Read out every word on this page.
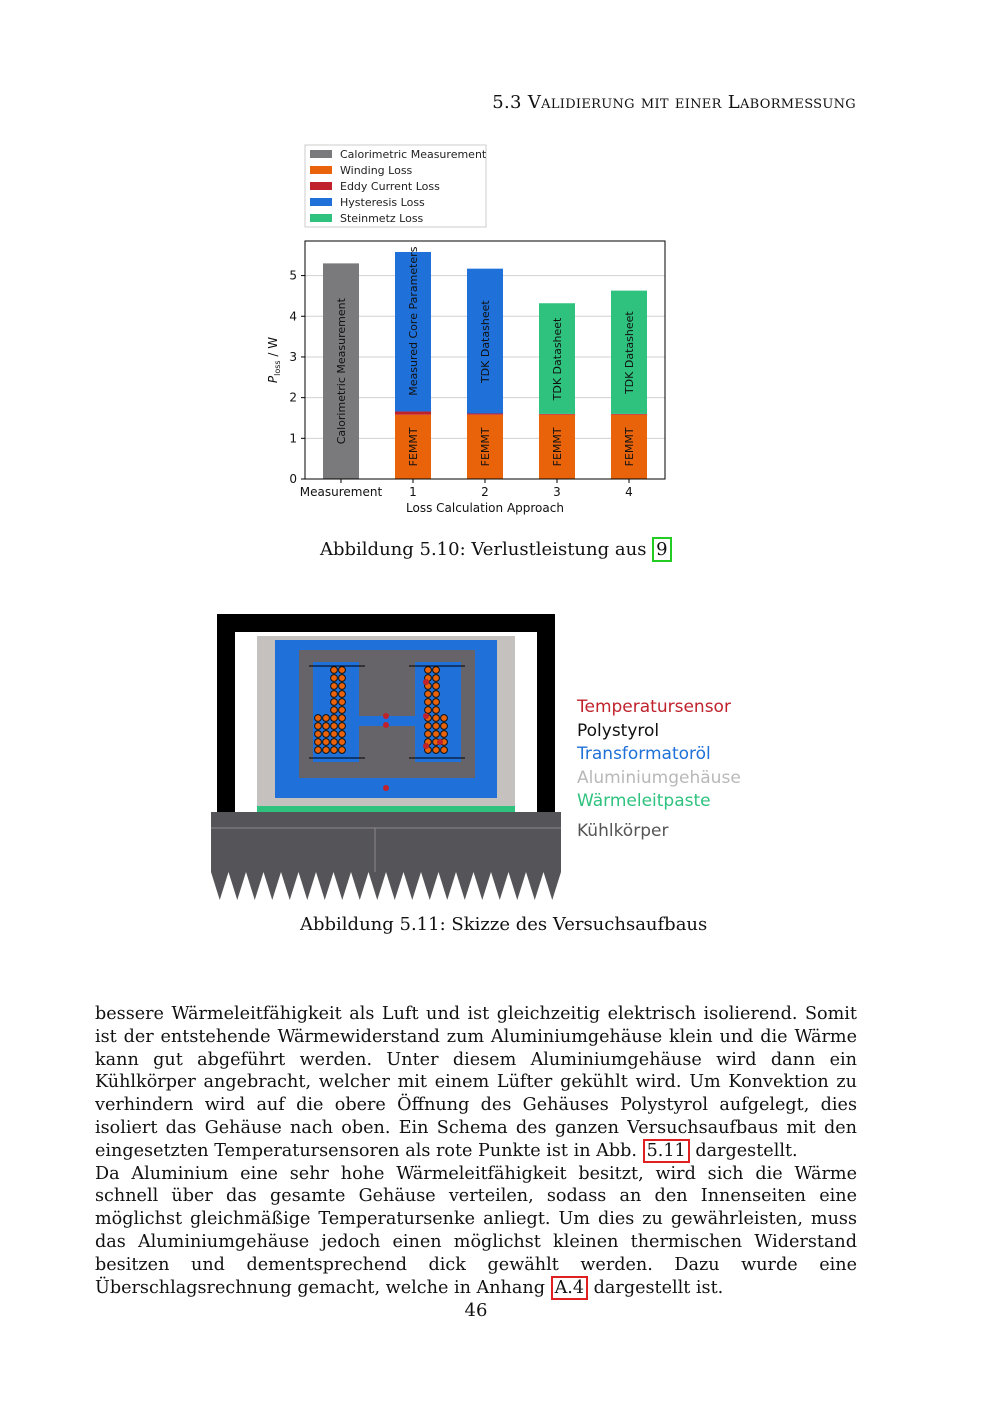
5.3 Validierung mit einer Labormessung
Calorimetric Measurement
Winding Loss
Eddy Current Loss
Hysteresis Loss
Steinmetz Loss
Measurement 1	2	3	4
Calorimetric Measurement
FEMMT
Measured Core Parameters
FEMMT
TDK Datasheet
FEMMT
TDK Datasheet
FEMMT
TDK Datasheet
0
1
2
3
4
5
Loss Calculation Approach
$P_{loss}$ / W
Abbildung 5.10: Verlustleistung aus 9
Temperatursensor
Polystyrol
Transformatoröl
Aluminiumgehäuse
Wärmeleitpaste
Kühlkörper
Abbildung 5.11: Skizze des Versuchsaufbaus

bessere Wärmeleitfähigkeit als Luft und ist gleichzeitig elektrisch isolierend. Somit ist der entstehende Wärmewiderstand zum Aluminiumgehäuse klein und die Wärme kann gut abgeführt werden. Unter diesem Aluminiumgehäuse wird dann ein Kühlkörper angebracht, welcher mit einem Lüfter gekühlt wird. Um Konvektion zu verhindern wird auf die obere Öffnung des Gehäuses Polystyrol aufgelegt, dies isoliert das Gehäuse nach oben. Ein Schema des ganzen Versuchsaufbaus mit den eingesetzten Temperatursensoren als rote Punkte ist in Abb. 5.11 dargestellt.

Da Aluminium eine sehr hohe Wärmeleitfähigkeit besitzt, wird sich die Wärme schnell über das gesamte Gehäuse verteilen, sodass an den Innenseiten eine möglichst gleichmäßige Temperatursenke anliegt. Um dies zu gewährleisten, muss das Aluminiumgehäuse jedoch einen möglichst kleinen thermischen Widerstand besitzen und dementsprechend dick gewählt werden. Dazu wurde eine Überschlagsrechnung gemacht, welche in Anhang A.4 dargestellt ist.

46
